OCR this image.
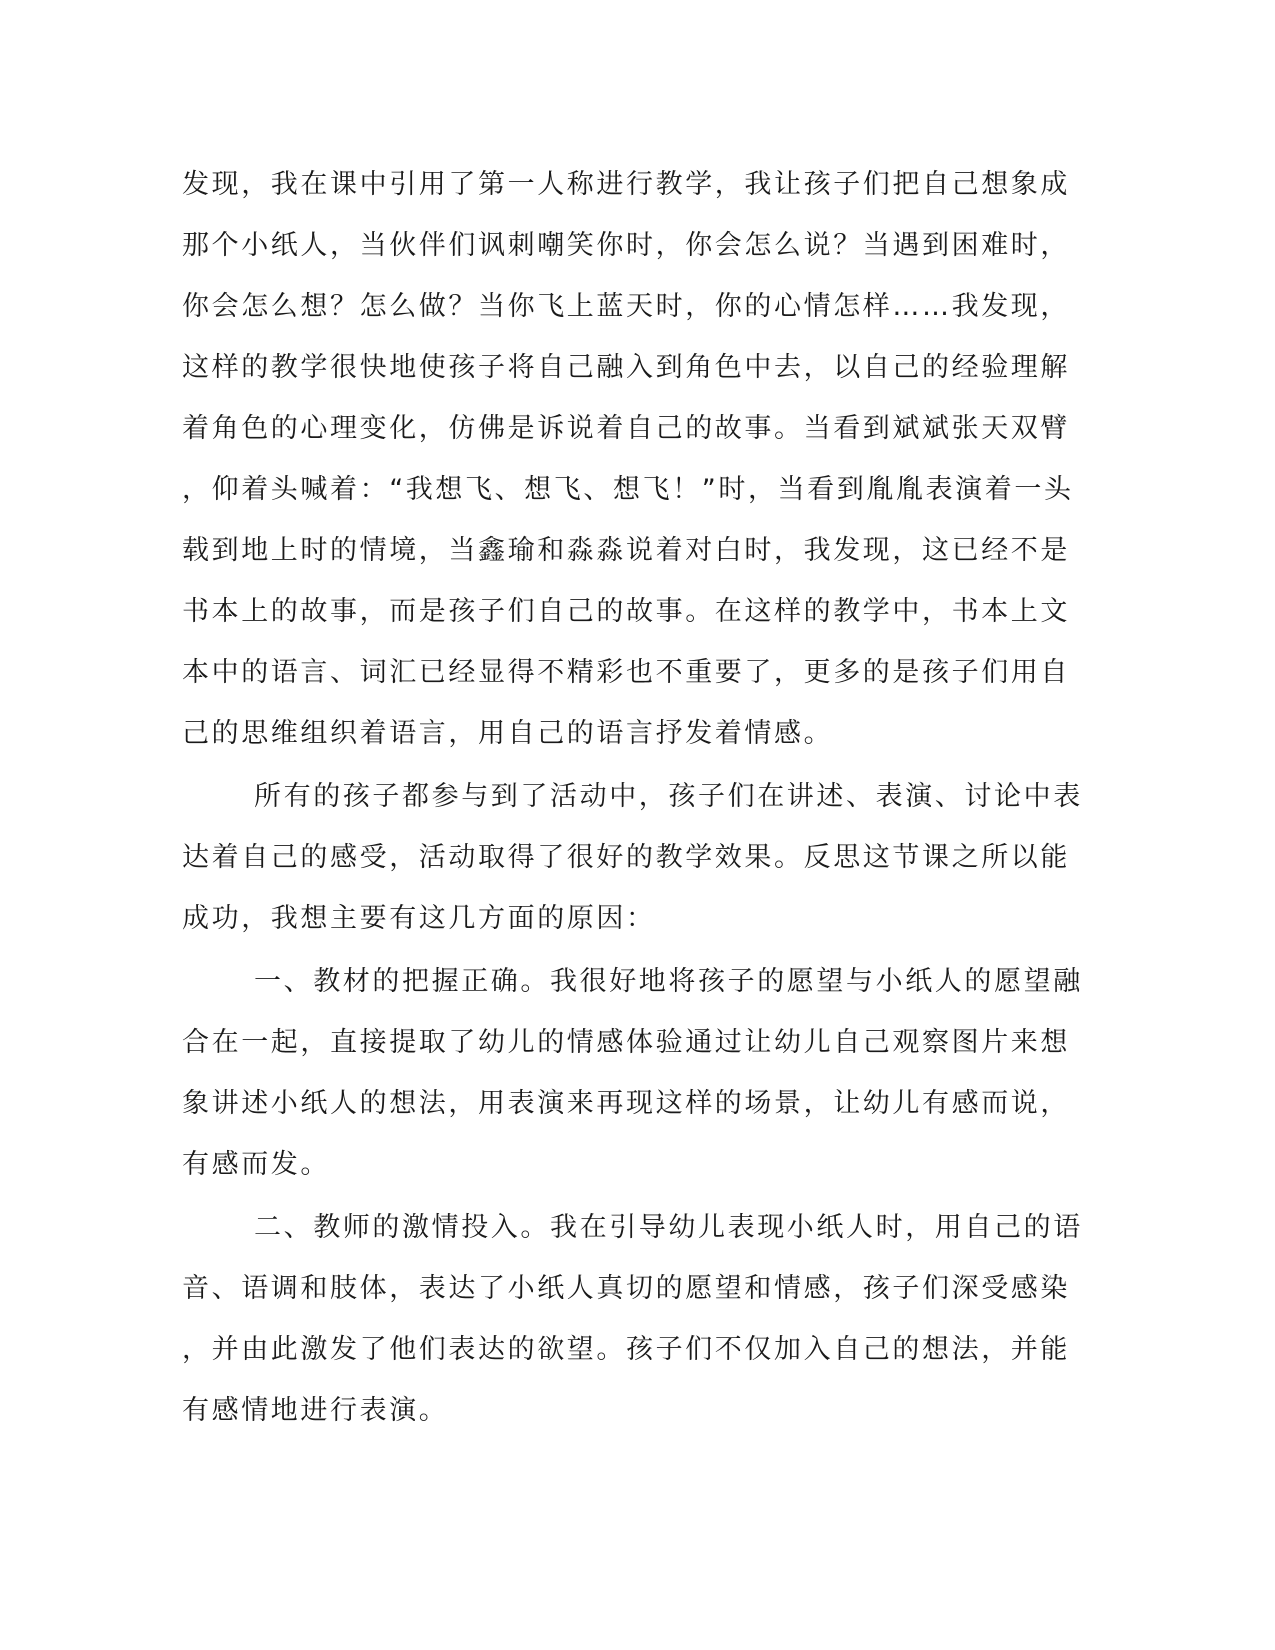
发现，我在课中引用了第一人称进行教学，我让孩子们把自己想象成
那个小纸人，当伙伴们讽刺嘲笑你时，你会怎么说？当遇到困难时，
你会怎么想？怎么做？当你飞上蓝天时，你的心情怎样……我发现，
这样的教学很快地使孩子将自己融入到角色中去，以自己的经验理解
着角色的心理变化，仿佛是诉说着自己的故事。当看到斌斌张天双臂
，仰着头喊着：“我想飞、想飞、想飞！”时，当看到胤胤表演着一头
载到地上时的情境，当鑫瑜和淼淼说着对白时，我发现，这已经不是
书本上的故事，而是孩子们自己的故事。在这样的教学中，书本上文
本中的语言、词汇已经显得不精彩也不重要了，更多的是孩子们用自
己的思维组织着语言，用自己的语言抒发着情感。
所有的孩子都参与到了活动中，孩子们在讲述、表演、讨论中表
达着自己的感受，活动取得了很好的教学效果。反思这节课之所以能
成功，我想主要有这几方面的原因：
一、教材的把握正确。我很好地将孩子的愿望与小纸人的愿望融
合在一起，直接提取了幼儿的情感体验通过让幼儿自己观察图片来想
象讲述小纸人的想法，用表演来再现这样的场景，让幼儿有感而说，
有感而发。
二、教师的激情投入。我在引导幼儿表现小纸人时，用自己的语
音、语调和肢体，表达了小纸人真切的愿望和情感，孩子们深受感染
，并由此激发了他们表达的欲望。孩子们不仅加入自己的想法，并能
有感情地进行表演。
